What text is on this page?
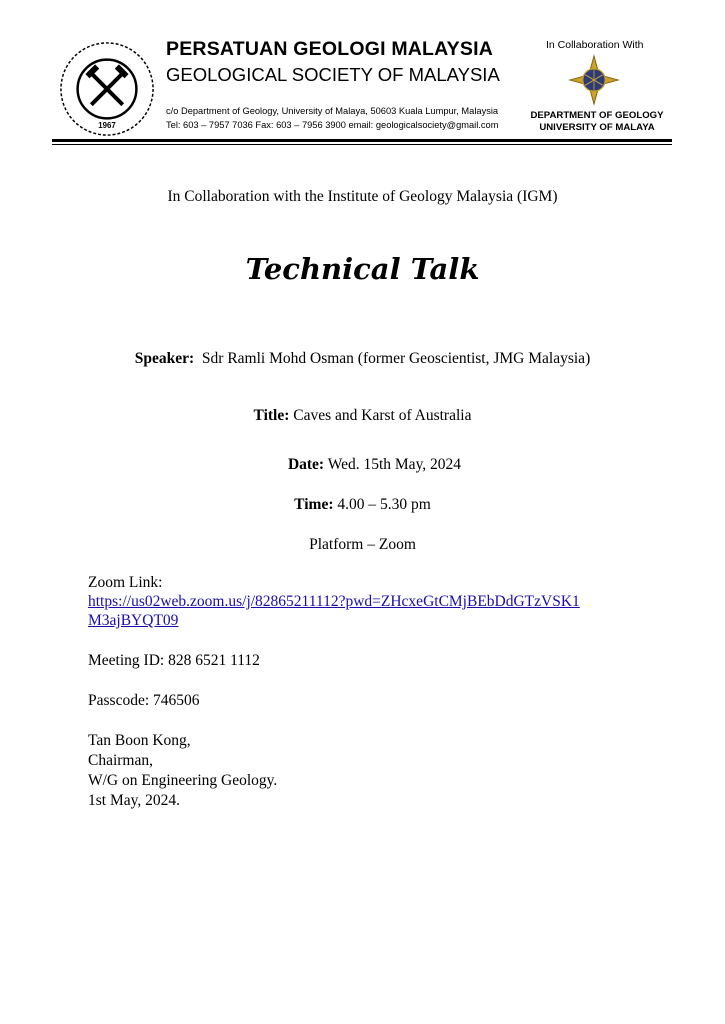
1967
PERSATUAN GEOLOGI MALAYSIA
GEOLOGICAL SOCIETY OF MALAYSIA
c/o Department of Geology, University of Malaya, 50603 Kuala Lumpur, Malaysia
Tel: 603 – 7957 7036 Fax: 603 – 7956 3900 email: geologicalsociety@gmail.com
In Collaboration With
DEPARTMENT OF GEOLOGY
UNIVERSITY OF MALAYA
In Collaboration with the Institute of Geology Malaysia (IGM)
Technical Talk
Speaker: Sdr Ramli Mohd Osman (former Geoscientist, JMG Malaysia)
Title: Caves and Karst of Australia
Date: Wed. 15th May, 2024
Time: 4.00 – 5.30 pm
Platform – Zoom
Zoom Link:
https://us02web.zoom.us/j/82865211112?pwd=ZHcxeGtCMjBEbDdGTzVSK1
M3ajBYQT09
Meeting ID: 828 6521 1112
Passcode: 746506
Tan Boon Kong,
Chairman,
W/G on Engineering Geology.
1st May, 2024.
